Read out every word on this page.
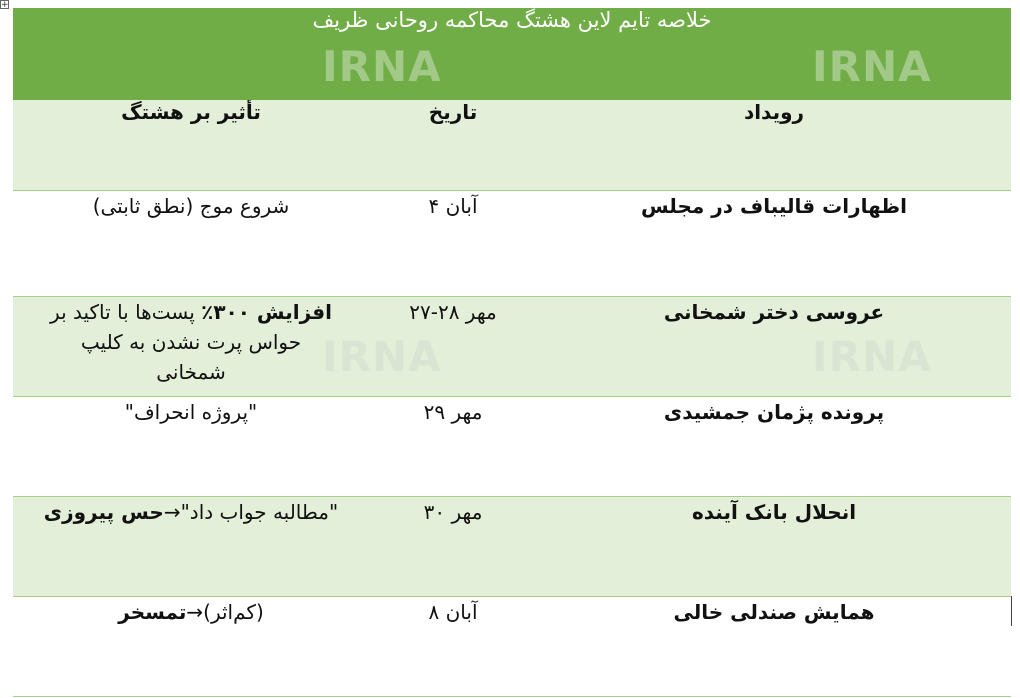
+
خلاصه تایم لاین هشتگ محاکمه روحانی ظریف		
رویداد	تاریخ	تأثیر بر هشتگ
اظهارات قالیباف در مجلس	آبان ۴	شروع موج (نطق ثابتی)
عروسی دختر شمخانی	مهر ۲۸-۲۷	افزایش ۳۰۰٪ پست‌ها با تاکید بر حواس پرت نشدن به کلیپ شمخانی
پرونده پژمان جمشیدی	مهر ۲۹	"پروژه انحراف"
انحلال بانک آینده	مهر ۳۰	"مطالبه جواب داد"→حس پیروزی
همایش صندلی خالی	آبان ۸	(کم‌اثر)→تمسخر
IRNA	IRNA
IRNA	IRNA
